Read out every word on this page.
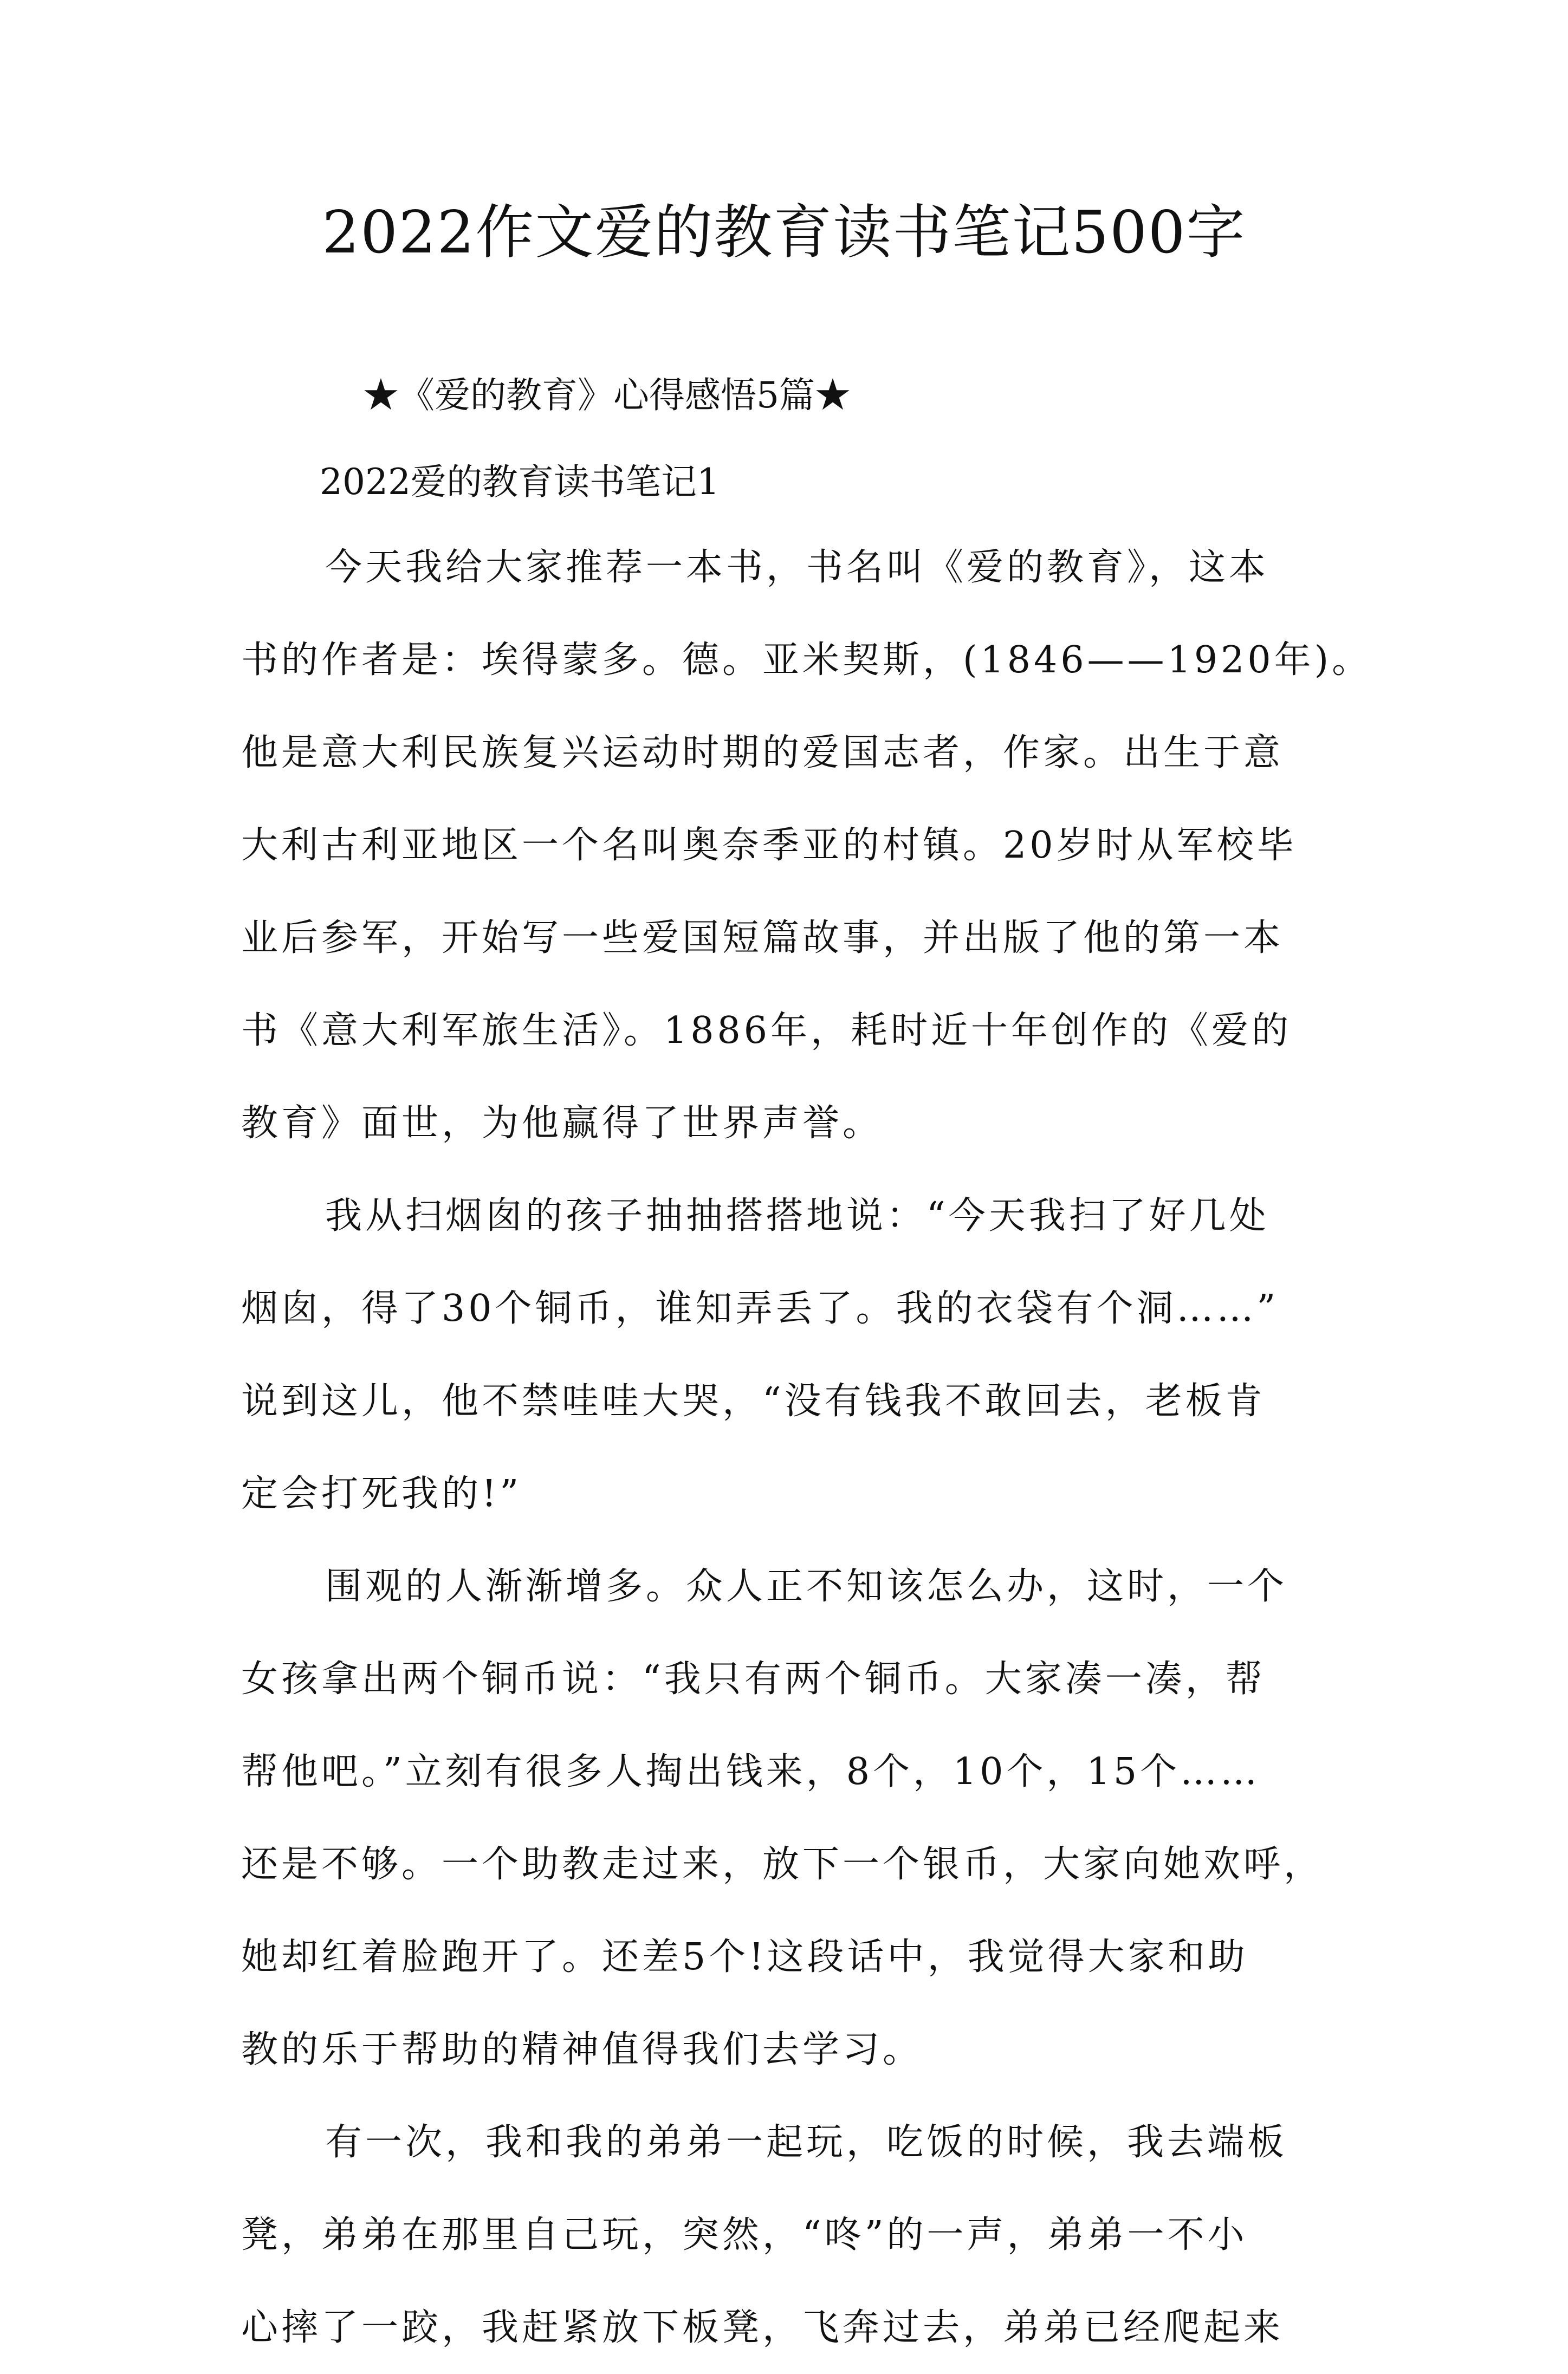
2022作文爱的教育读书笔记500字

★《爱的教育》心得感悟5篇★

2022爱的教育读书笔记1

今天我给大家推荐一本书，书名叫《爱的教育》，这本
书的作者是：埃得蒙多。德。亚米契斯，(1846——1920年)。
他是意大利民族复兴运动时期的爱国志者，作家。出生于意
大利古利亚地区一个名叫奥奈季亚的村镇。20岁时从军校毕
业后参军，开始写一些爱国短篇故事，并出版了他的第一本
书《意大利军旅生活》。1886年，耗时近十年创作的《爱的
教育》面世，为他赢得了世界声誉。
我从扫烟囱的孩子抽抽搭搭地说：“今天我扫了好几处
烟囱，得了30个铜币，谁知弄丢了。我的衣袋有个洞……”
说到这儿，他不禁哇哇大哭，“没有钱我不敢回去，老板肯
定会打死我的!”
围观的人渐渐增多。众人正不知该怎么办，这时，一个
女孩拿出两个铜币说：“我只有两个铜币。大家凑一凑，帮
帮他吧。”立刻有很多人掏出钱来，8个，10个，15个……
还是不够。一个助教走过来，放下一个银币，大家向她欢呼，
她却红着脸跑开了。还差5个!这段话中，我觉得大家和助
教的乐于帮助的精神值得我们去学习。
有一次，我和我的弟弟一起玩，吃饭的时候，我去端板
凳，弟弟在那里自己玩，突然，“咚”的一声，弟弟一不小
心摔了一跤，我赶紧放下板凳，飞奔过去，弟弟已经爬起来
